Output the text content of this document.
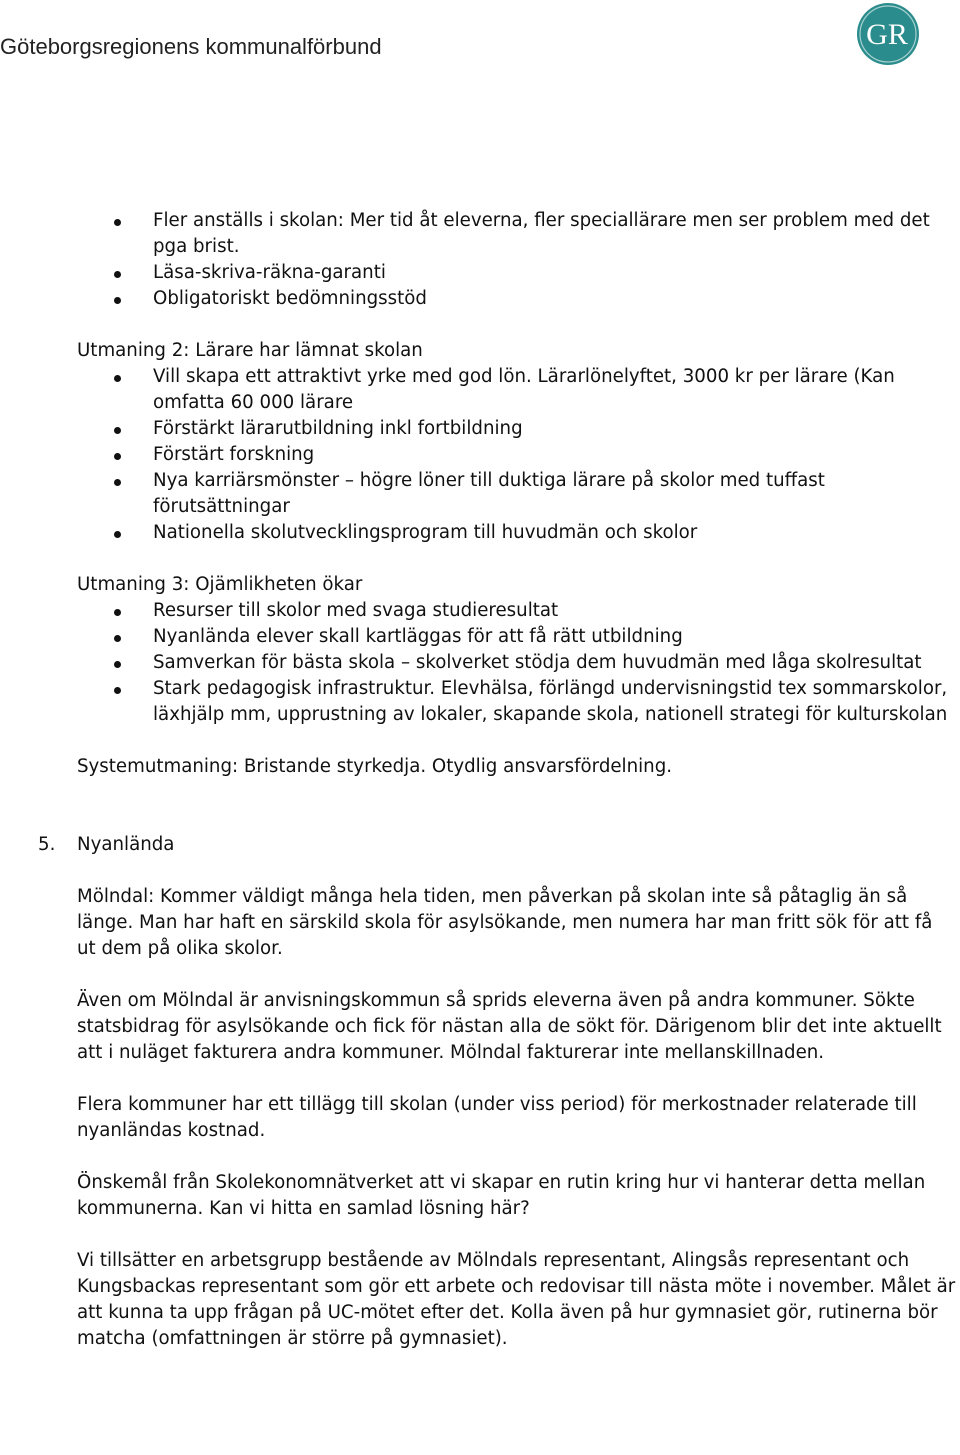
Göteborgsregionens kommunalförbund	GR
Fler anställs i skolan: Mer tid åt eleverna, fler speciallärare men ser problem med det pga brist.
Läsa-skriva-räkna-garanti
Obligatoriskt bedömningsstöd

Utmaning 2: Lärare har lämnat skolan

Vill skapa ett attraktivt yrke med god lön. Lärarlönelyftet, 3000 kr per lärare (Kan omfatta 60 000 lärare
Förstärkt lärarutbildning inkl fortbildning
Förstärt forskning
Nya karriärsmönster – högre löner till duktiga lärare på skolor med tuffast förutsättningar
Nationella skolutvecklingsprogram till huvudmän och skolor

Utmaning 3: Ojämlikheten ökar

Resurser till skolor med svaga studieresultat
Nyanlända elever skall kartläggas för att få rätt utbildning
Samverkan för bästa skola – skolverket stödja dem huvudmän med låga skolresultat
Stark pedagogisk infrastruktur. Elevhälsa, förlängd undervisningstid tex sommarskolor, läxhjälp mm, upprustning av lokaler, skapande skola, nationell strategi för kulturskolan

Systemutmaning: Bristande styrkedja. Otydlig ansvarsfördelning.

5. Nyanlända

Mölndal: Kommer väldigt många hela tiden, men påverkan på skolan inte så påtaglig än så länge. Man har haft en särskild skola för asylsökande, men numera har man fritt sök för att få ut dem på olika skolor.

Även om Mölndal är anvisningskommun så sprids eleverna även på andra kommuner. Sökte statsbidrag för asylsökande och fick för nästan alla de sökt för. Därigenom blir det inte aktuellt att i nuläget fakturera andra kommuner. Mölndal fakturerar inte mellanskillnaden.

Flera kommuner har ett tillägg till skolan (under viss period) för merkostnader relaterade till nyanländas kostnad.

Önskemål från Skolekonomnätverket att vi skapar en rutin kring hur vi hanterar detta mellan kommunerna. Kan vi hitta en samlad lösning här?

Vi tillsätter en arbetsgrupp bestående av Mölndals representant, Alingsås representant och Kungsbackas representant som gör ett arbete och redovisar till nästa möte i november. Målet är att kunna ta upp frågan på UC-mötet efter det. Kolla även på hur gymnasiet gör, rutinerna bör matcha (omfattningen är större på gymnasiet).
